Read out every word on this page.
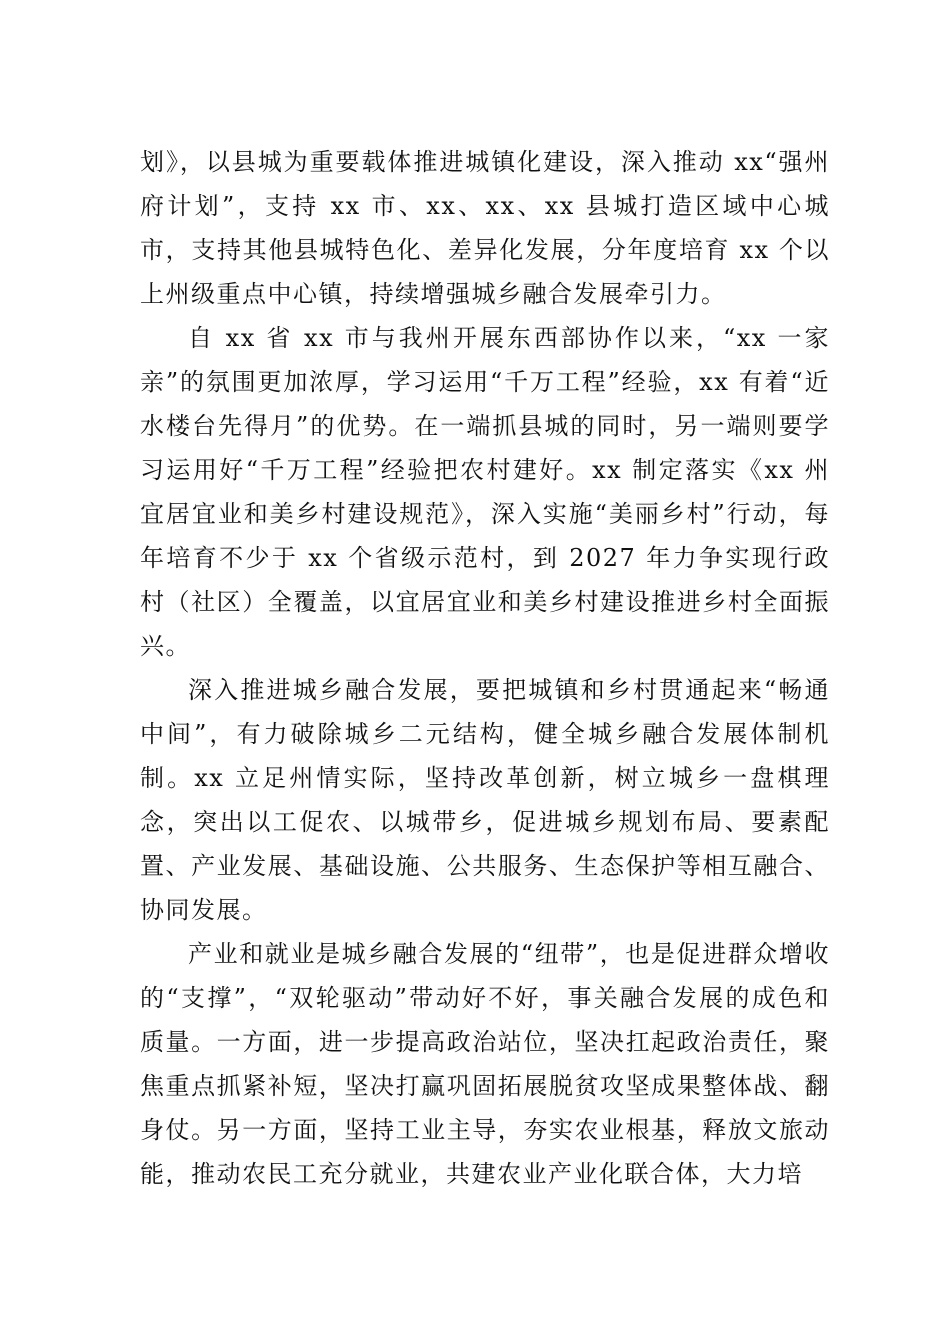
划》，以县城为重要载体推进城镇化建设，深入推动 xx“强州府计划”，支持 xx 市、xx、xx、xx 县城打造区域中心城市，支持其他县城特色化、差异化发展，分年度培育 xx 个以上州级重点中心镇，持续增强城乡融合发展牵引力。

自 xx 省 xx 市与我州开展东西部协作以来，“xx 一家亲”的氛围更加浓厚，学习运用“千万工程”经验，xx 有着“近水楼台先得月”的优势。在一端抓县城的同时，另一端则要学习运用好“千万工程”经验把农村建好。xx 制定落实《xx 州宜居宜业和美乡村建设规范》，深入实施“美丽乡村”行动，每年培育不少于 xx 个省级示范村，到 2027 年力争实现行政村（社区）全覆盖，以宜居宜业和美乡村建设推进乡村全面振兴。

深入推进城乡融合发展，要把城镇和乡村贯通起来“畅通中间”，有力破除城乡二元结构，健全城乡融合发展体制机制。xx 立足州情实际，坚持改革创新，树立城乡一盘棋理念，突出以工促农、以城带乡，促进城乡规划布局、要素配置、产业发展、基础设施、公共服务、生态保护等相互融合、协同发展。

产业和就业是城乡融合发展的“纽带”，也是促进群众增收的“支撑”，“双轮驱动”带动好不好，事关融合发展的成色和质量。一方面，进一步提高政治站位，坚决扛起政治责任，聚焦重点抓紧补短，坚决打赢巩固拓展脱贫攻坚成果整体战、翻身仗。另一方面，坚持工业主导，夯实农业根基，释放文旅动能，推动农民工充分就业，共建农业产业化联合体，大力培
